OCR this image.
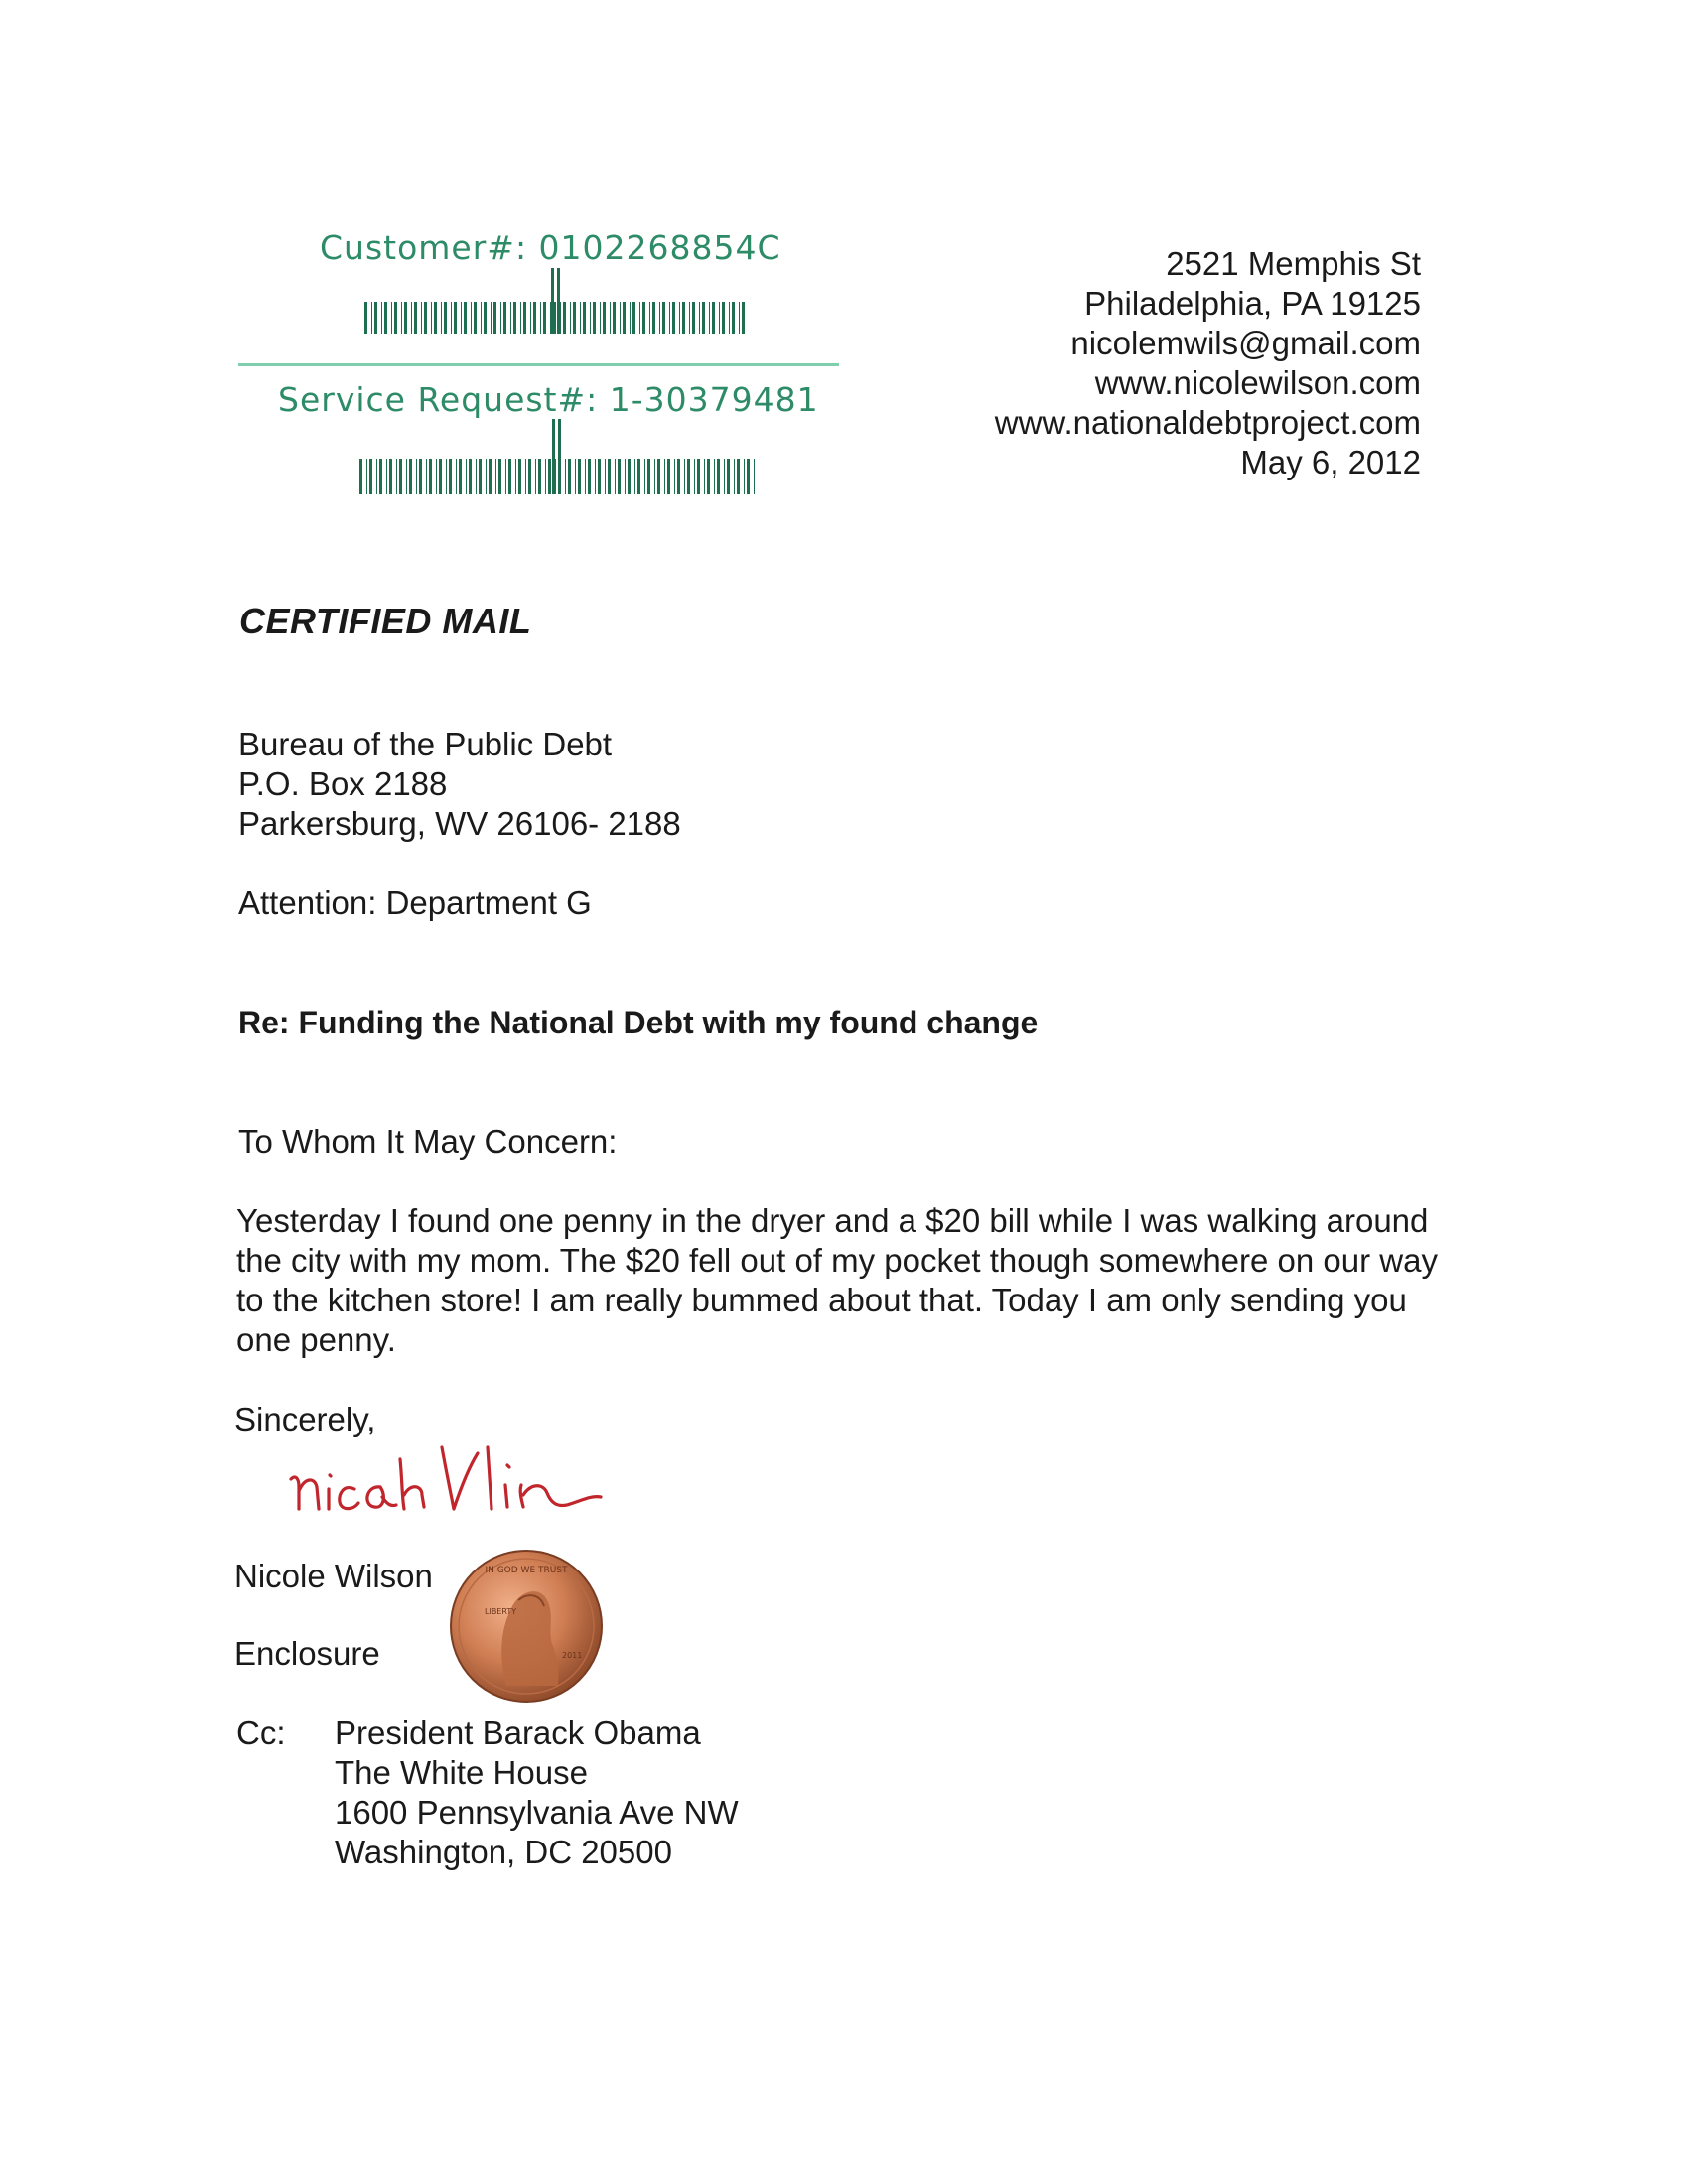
Customer#: 0102268854C
Service Request#: 1-30379481
2521 Memphis St
Philadelphia, PA 19125
nicolemwils@gmail.com
www.nicolewilson.com
www.nationaldebtproject.com
May 6, 2012
CERTIFIED MAIL
Bureau of the Public Debt
P.O. Box 2188
Parkersburg, WV 26106- 2188
Attention: Department G
Re: Funding the National Debt with my found change
To Whom It May Concern:
Yesterday I found one penny in the dryer and a $20 bill while I was walking around the city with my mom. The $20 fell out of my pocket though somewhere on our way to the kitchen store! I am really bummed about that. Today I am only sending you one penny.
Sincerely,
Nicole Wilson	IN GOD WE TRUST
LIBERTY
2011
Enclosure
Cc: President Barack Obama
The White House
1600 Pennsylvania Ave NW
Washington, DC 20500
